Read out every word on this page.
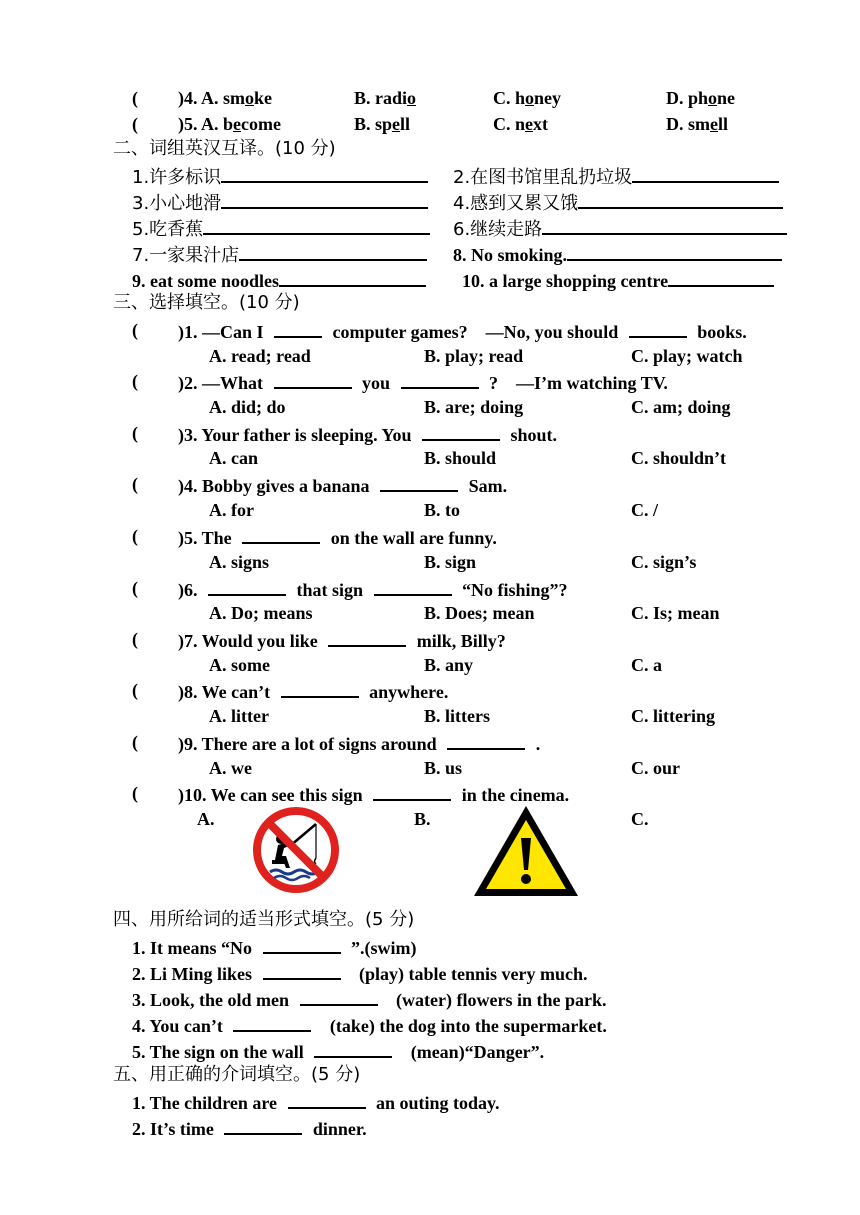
( )4. A. smoke	B. radio	C. honey	D. phone
( )5. A. become	B. spell	C. next	D. smell
二、词组英汉互译。(10 分)
1.许多标识	2.在图书馆里乱扔垃圾
3.小心地滑	4.感到又累又饿
5.吃香蕉	6.继续走路
7.一家果汁店	8. No smoking.
9. eat some noodles	10. a large shopping centre
三、选择填空。(10 分)
( )1. —Can I	computer games? —No, you should	books.
A. read; read	B. play; read	C. play; watch
( )2. —What	you	? —I’m watching TV.
A. did; do	B. are; doing	C. am; doing
( )3. Your father is sleeping. You	shout.
A. can	B. should	C. shouldn’t
( )4. Bobby gives a banana	Sam.
A. for	B. to	C. /
( )5. The	on the wall are funny.
A. signs	B. sign	C. sign’s
( )6.	that sign	“No fishing”?
A. Do; means	B. Does; mean	C. Is; mean
( )7. Would you like	milk, Billy?
A. some	B. any	C. a
( )8. We can’t	anywhere.
A. litter	B. litters	C. littering
( )9. There are a lot of signs around	.
A. we	B. us	C. our
( )10. We can see this sign	in the cinema.
A.	B.	C.
四、用所给词的适当形式填空。(5 分)
1. It means “No	”.(swim)
2. Li Ming likes	(play) table tennis very much.
3. Look, the old men	(water) flowers in the park.
4. You can’t	(take) the dog into the supermarket.
5. The sign on the wall	(mean)“Danger”.
五、用正确的介词填空。(5 分)
1. The children are	an outing today.
2. It’s time	dinner.
